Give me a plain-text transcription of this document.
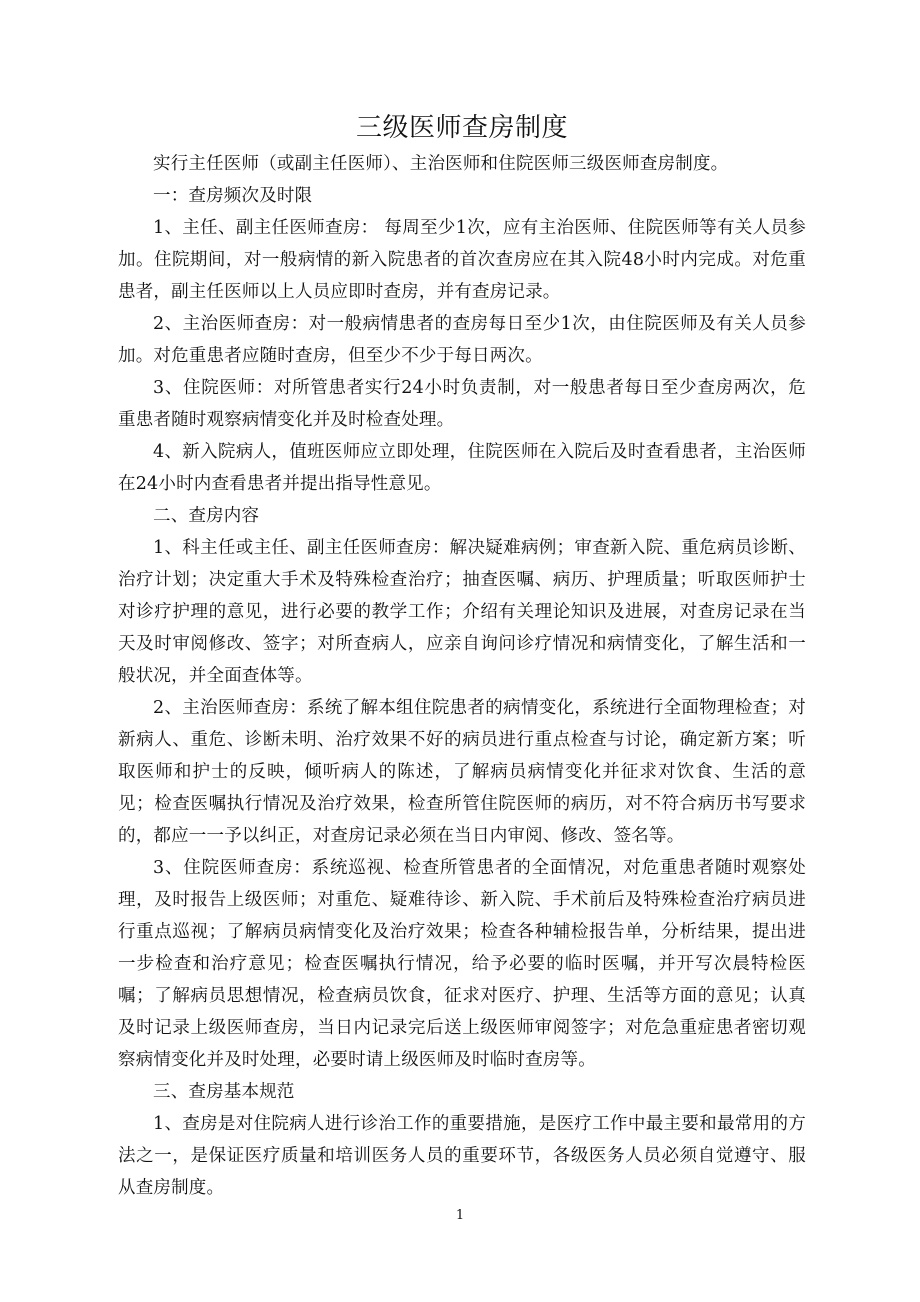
三级医师查房制度

实行主任医师（或副主任医师）、主治医师和住院医师三级医师查房制度。

一：查房频次及时限

1、主任、副主任医师查房： 每周至少1次，应有主治医师、住院医师等有关人员参加。住院期间，对一般病情的新入院患者的首次查房应在其入院48小时内完成。对危重患者，副主任医师以上人员应即时查房，并有查房记录。

2、主治医师查房：对一般病情患者的查房每日至少1次，由住院医师及有关人员参加。对危重患者应随时查房，但至少不少于每日两次。

3、住院医师：对所管患者实行24小时负责制，对一般患者每日至少查房两次，危重患者随时观察病情变化并及时检查处理。

4、新入院病人，值班医师应立即处理，住院医师在入院后及时查看患者，主治医师在24小时内查看患者并提出指导性意见。

二、查房内容

1、科主任或主任、副主任医师查房：解决疑难病例；审查新入院、重危病员诊断、治疗计划；决定重大手术及特殊检查治疗；抽查医嘱、病历、护理质量；听取医师护士对诊疗护理的意见，进行必要的教学工作；介绍有关理论知识及进展，对查房记录在当天及时审阅修改、签字；对所查病人，应亲自询问诊疗情况和病情变化，了解生活和一般状况，并全面查体等。

2、主治医师查房：系统了解本组住院患者的病情变化，系统进行全面物理检查；对新病人、重危、诊断未明、治疗效果不好的病员进行重点检查与讨论，确定新方案；听取医师和护士的反映，倾听病人的陈述，了解病员病情变化并征求对饮食、生活的意见；检查医嘱执行情况及治疗效果，检查所管住院医师的病历，对不符合病历书写要求的，都应一一予以纠正，对查房记录必须在当日内审阅、修改、签名等。

3、住院医师查房：系统巡视、检查所管患者的全面情况，对危重患者随时观察处理，及时报告上级医师；对重危、疑难待诊、新入院、手术前后及特殊检查治疗病员进行重点巡视；了解病员病情变化及治疗效果；检查各种辅检报告单，分析结果，提出进一步检查和治疗意见；检查医嘱执行情况，给予必要的临时医嘱，并开写次晨特检医嘱；了解病员思想情况，检查病员饮食，征求对医疗、护理、生活等方面的意见；认真及时记录上级医师查房，当日内记录完后送上级医师审阅签字；对危急重症患者密切观察病情变化并及时处理，必要时请上级医师及时临时查房等。

三、查房基本规范

1、查房是对住院病人进行诊治工作的重要措施，是医疗工作中最主要和最常用的方法之一，是保证医疗质量和培训医务人员的重要环节，各级医务人员必须自觉遵守、服从查房制度。

1
